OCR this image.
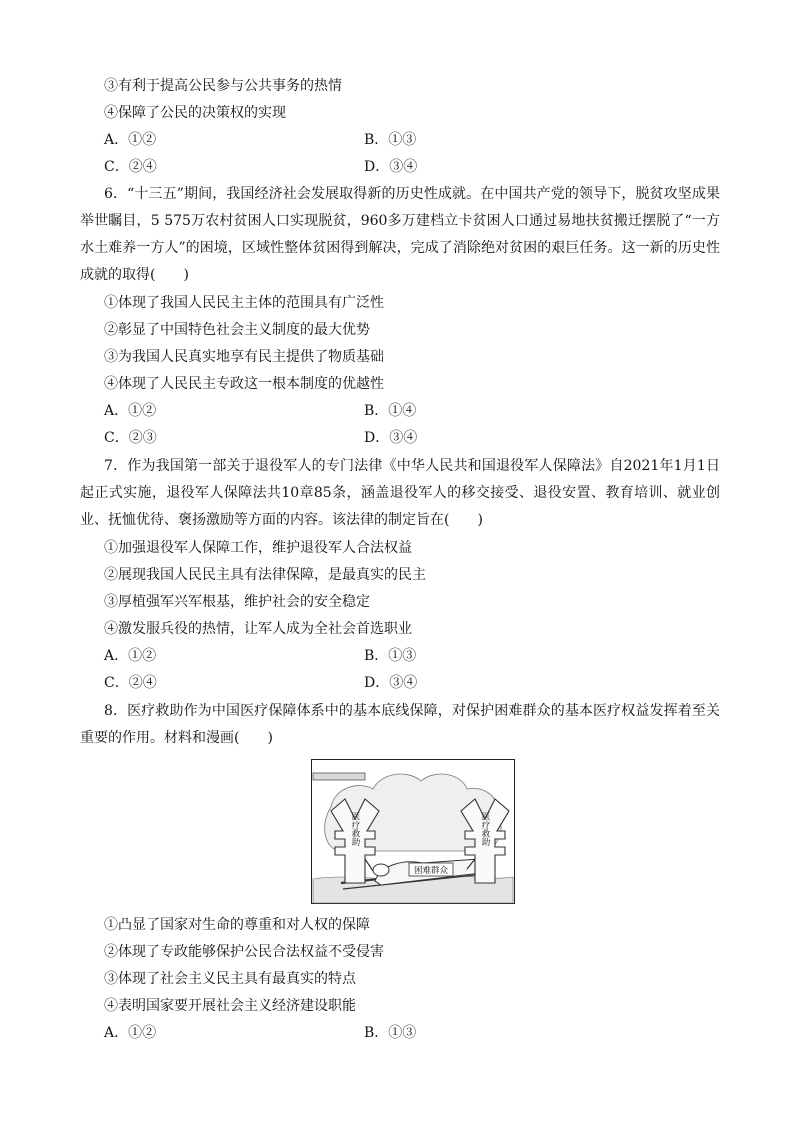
③有利于提高公民参与公共事务的热情
④保障了公民的决策权的实现
A．①②	B．①③
C．②④	D．③④
6．“十三五”期间，我国经济社会发展取得新的历史性成就。在中国共产党的领导下，脱贫攻坚成果举世瞩目，5 575万农村贫困人口实现脱贫，960多万建档立卡贫困人口通过易地扶贫搬迁摆脱了“一方水土难养一方人”的困境，区域性整体贫困得到解决，完成了消除绝对贫困的艰巨任务。这一新的历史性成就的取得(　　)
①体现了我国人民民主主体的范围具有广泛性
②彰显了中国特色社会主义制度的最大优势
③为我国人民真实地享有民主提供了物质基础
④体现了人民民主专政这一根本制度的优越性
A．①②	B．①④
C．②③	D．③④
7．作为我国第一部关于退役军人的专门法律《中华人民共和国退役军人保障法》自2021年1月1日起正式实施，退役军人保障法共10章85条，涵盖退役军人的移交接受、退役安置、教育培训、就业创业、抚恤优待、褒扬激励等方面的内容。该法律的制定旨在(　　)
①加强退役军人保障工作，维护退役军人合法权益
②展现我国人民民主具有法律保障，是最真实的民主
③厚植强军兴军根基，维护社会的安全稳定
④激发服兵役的热情，让军人成为全社会首选职业
A．①②	B．①③
C．②④	D．③④
8．医疗救助作为中国医疗保障体系中的基本底线保障，对保护困难群众的基本医疗权益发挥着至关重要的作用。材料和漫画(　　)
医疗救助	医疗救助
困难群众
①凸显了国家对生命的尊重和对人权的保障
②体现了专政能够保护公民合法权益不受侵害
③体现了社会主义民主具有最真实的特点
④表明国家要开展社会主义经济建设职能
A．①②	B．①③
